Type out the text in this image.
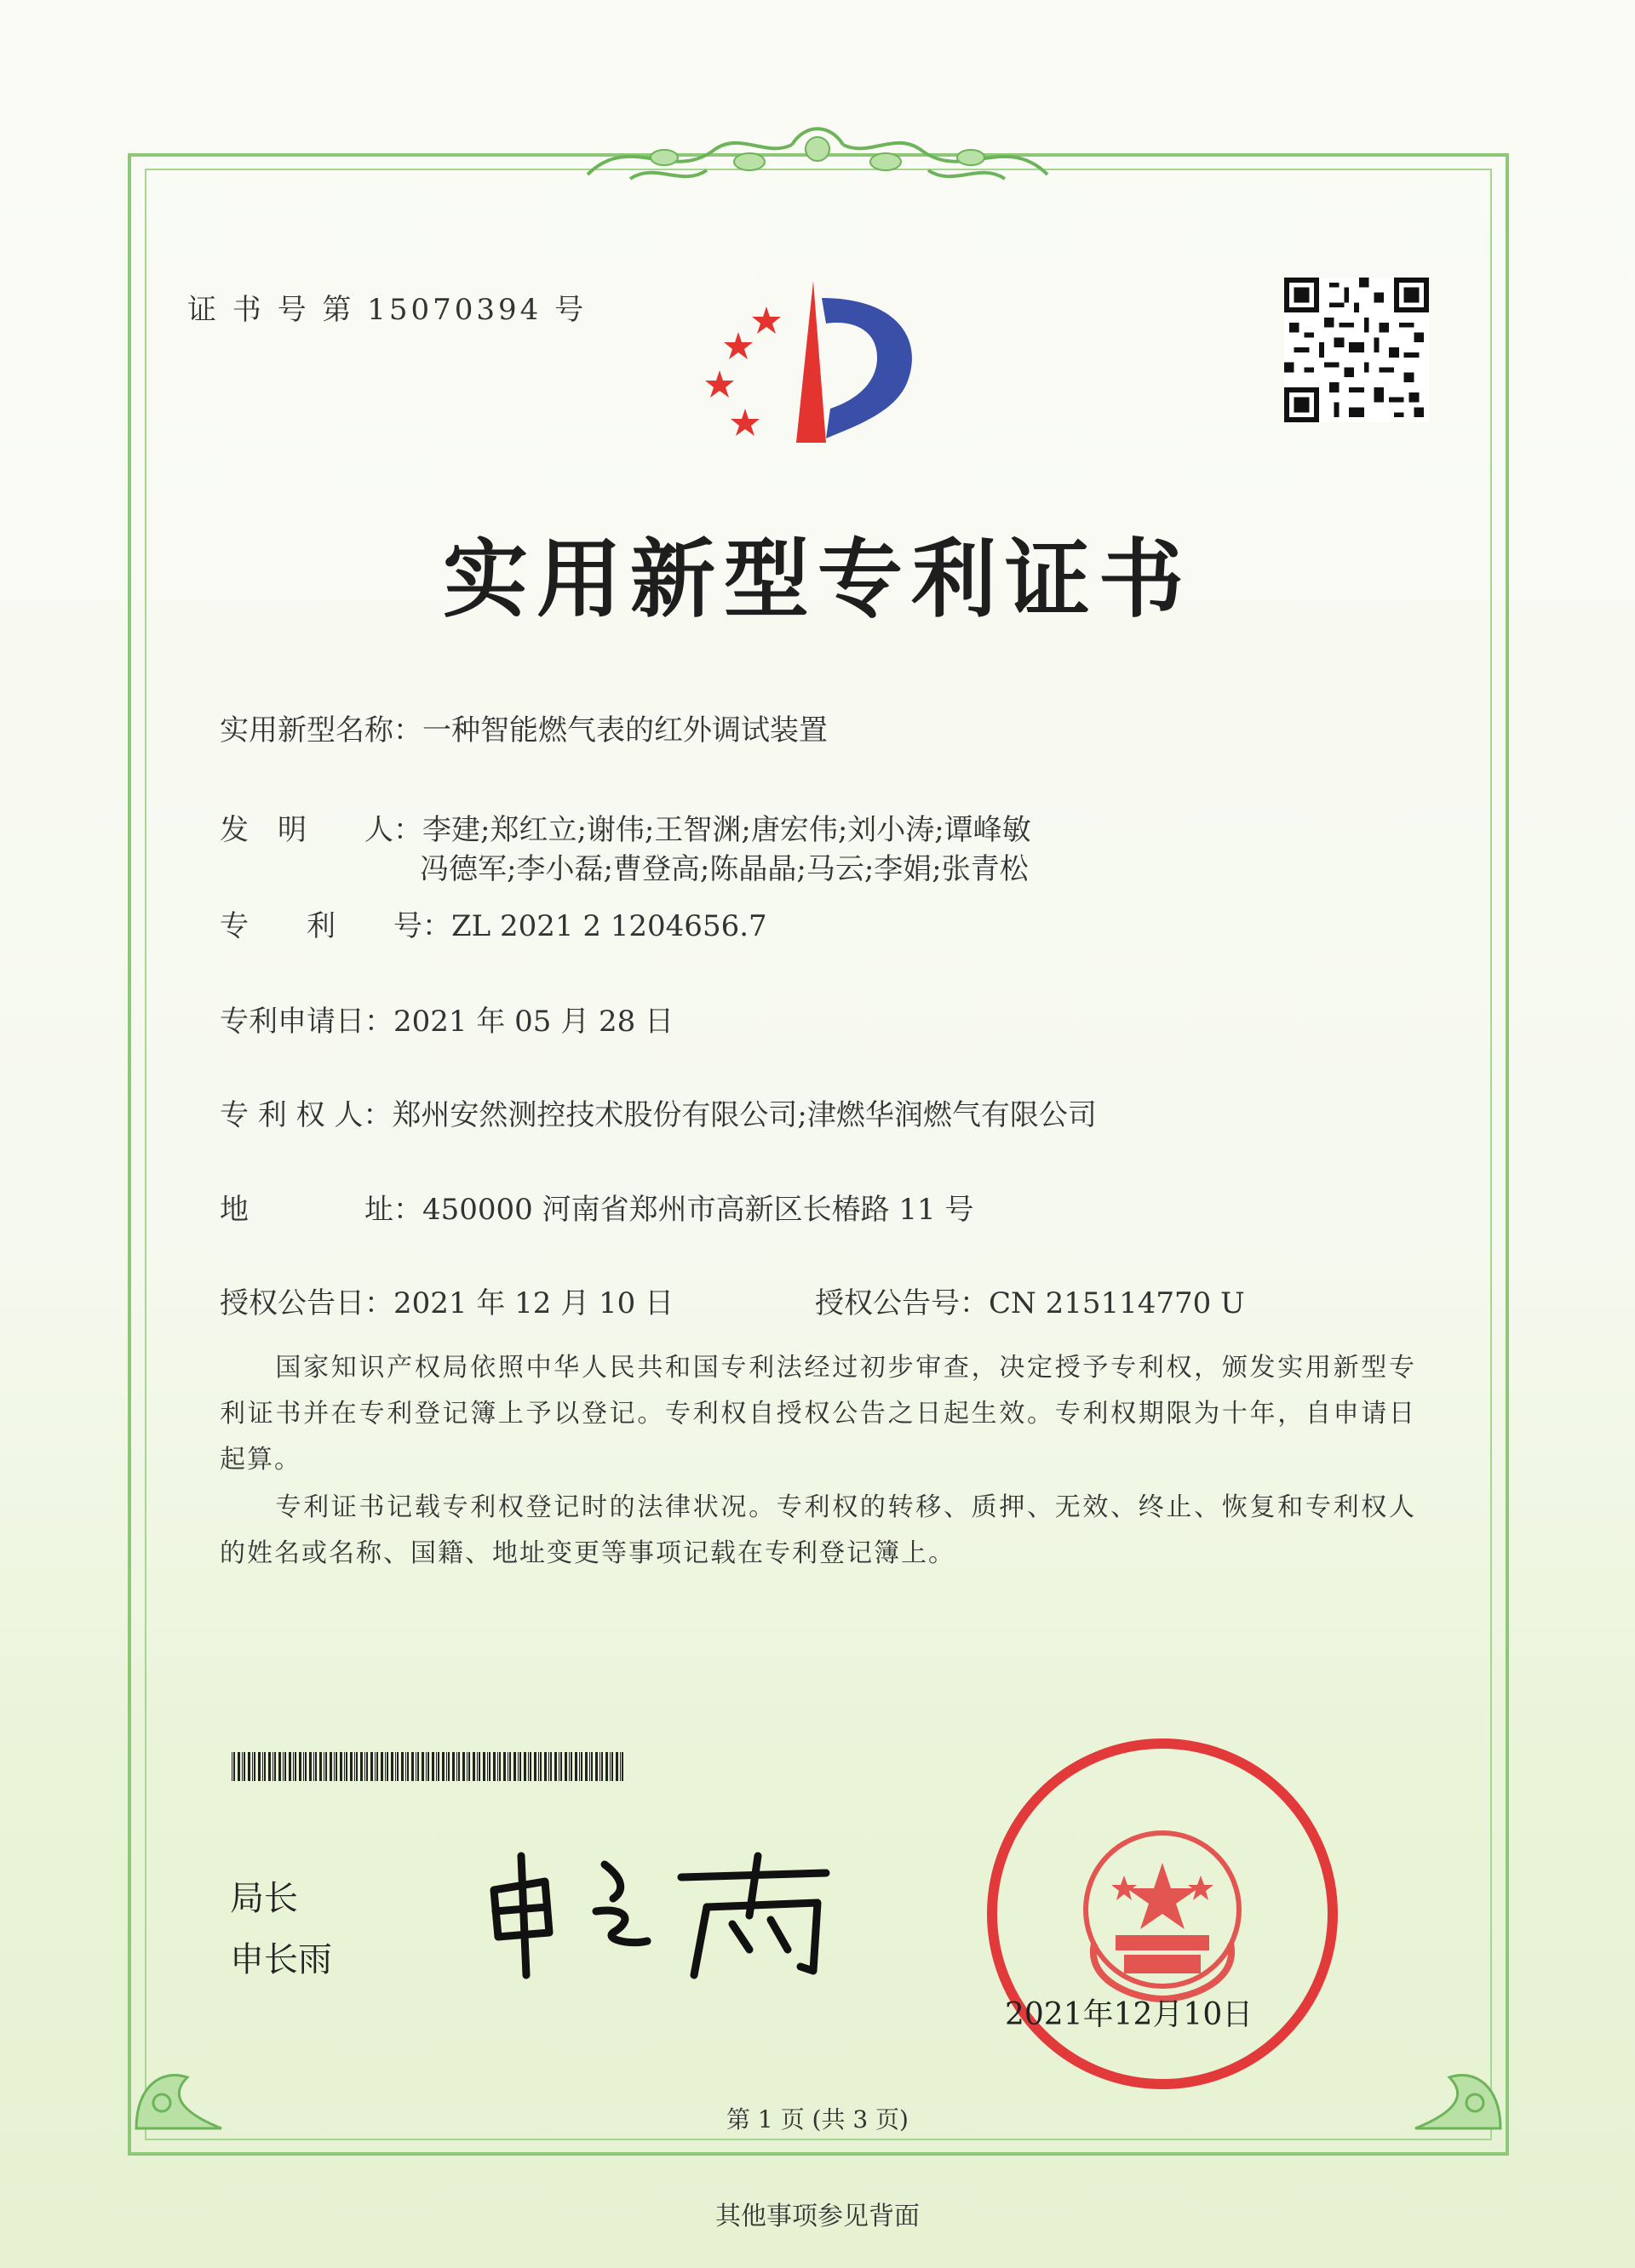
证 书 号 第 15070394 号
实用新型专利证书
实用新型名称：一种智能燃气表的红外调试装置
发　明　　人：李建;郑红立;谢伟;王智渊;唐宏伟;刘小涛;谭峰敏
冯德军;李小磊;曹登高;陈晶晶;马云;李娟;张青松
专　　利　　号：ZL 2021 2 1204656.7
专利申请日：2021 年 05 月 28 日
专 利 权 人：郑州安然测控技术股份有限公司;津燃华润燃气有限公司
地　　　　址：450000 河南省郑州市高新区长椿路 11 号
授权公告日：2021 年 12 月 10 日	授权公告号：CN 215114770 U
　　国家知识产权局依照中华人民共和国专利法经过初步审查，决定授予专利权，颁发实用新型专利证书并在专利登记簿上予以登记。专利权自授权公告之日起生效。专利权期限为十年，自申请日起算。
　　专利证书记载专利权登记时的法律状况。专利权的转移、质押、无效、终止、恢复和专利权人的姓名或名称、国籍、地址变更等事项记载在专利登记簿上。
局长
申长雨
2021年12月10日
第 1 页 (共 3 页)
其他事项参见背面
